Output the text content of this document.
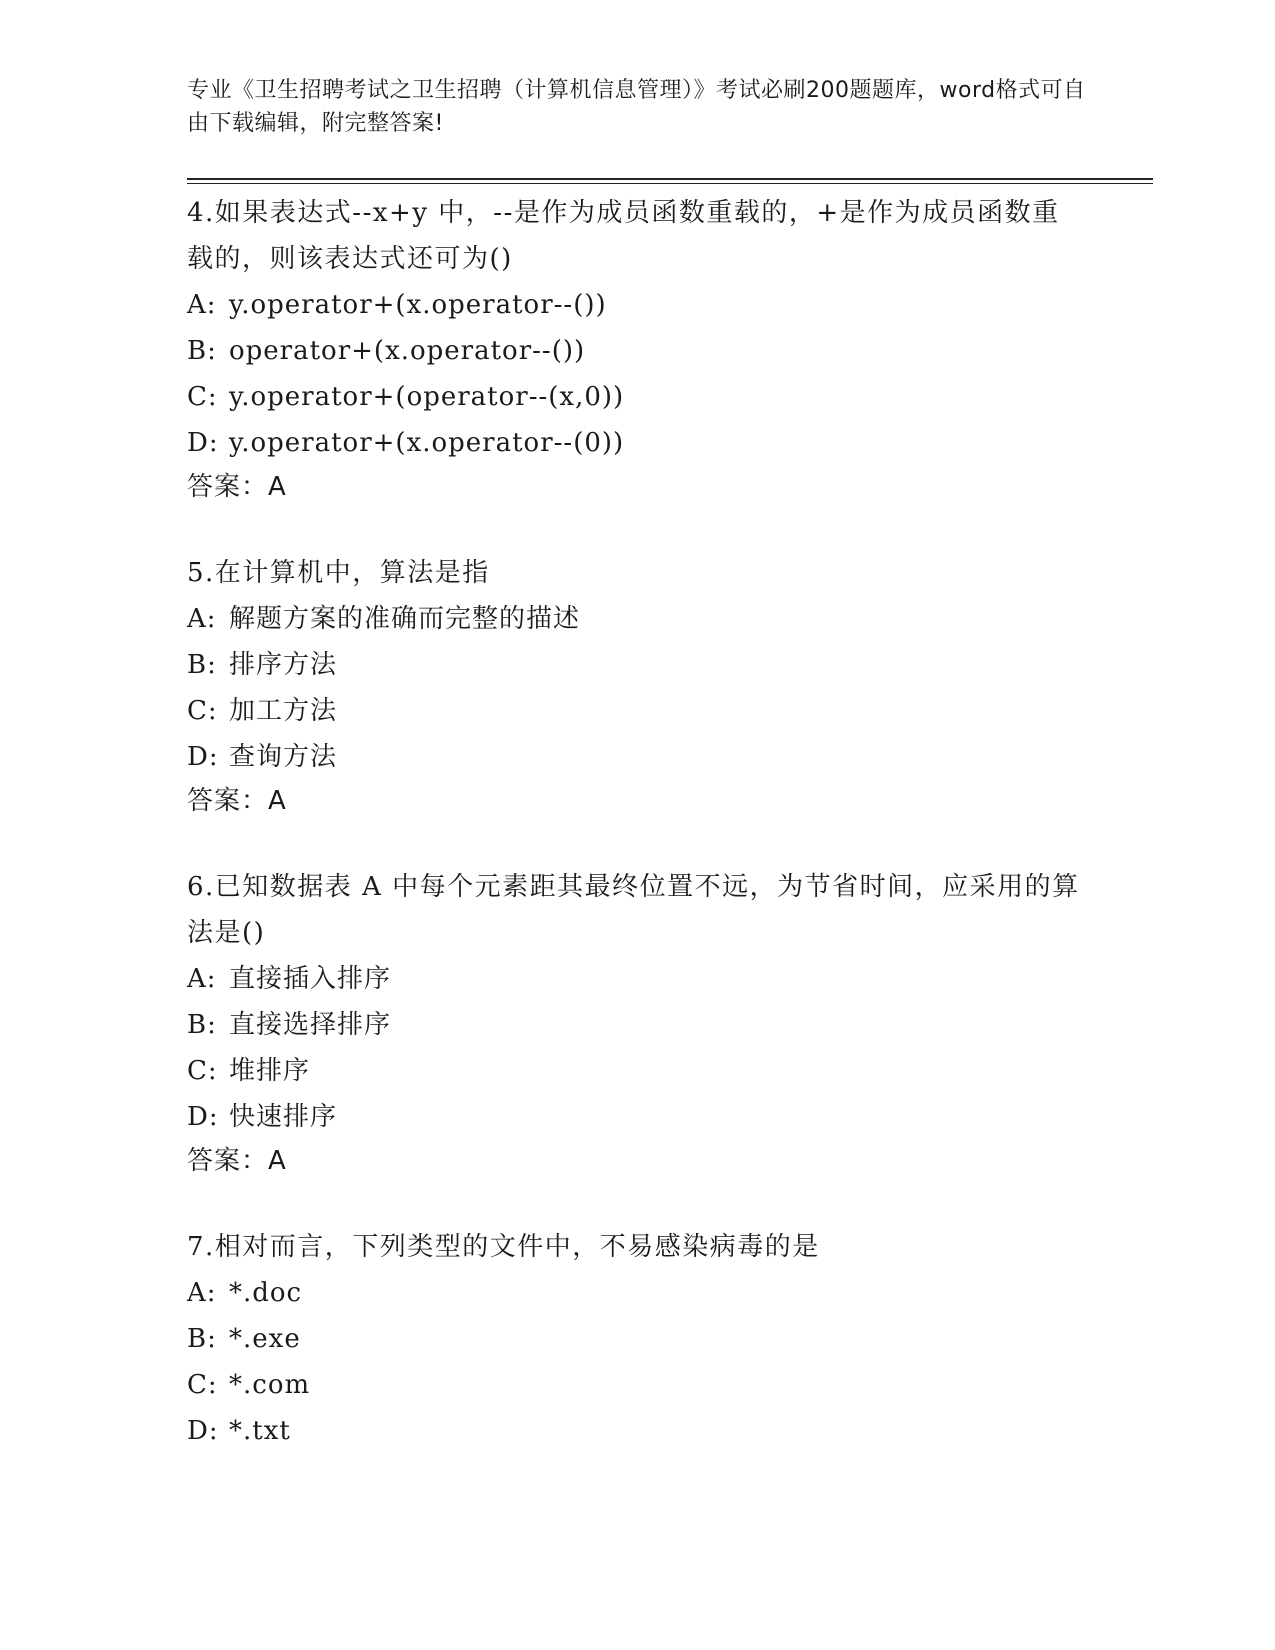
专业《卫生招聘考试之卫生招聘（计算机信息管理）》考试必刷200题题库，word格式可自由下载编辑，附完整答案!

4.如果表达式--x+y 中，--是作为成员函数重载的，+是作为成员函数重载的，则该表达式还可为()

A: y.operator+(x.operator--())

B: operator+(x.operator--())

C: y.operator+(operator--(x,0))

D: y.operator+(x.operator--(0))

答案：A

5.在计算机中，算法是指

A: 解题方案的准确而完整的描述

B: 排序方法

C: 加工方法

D: 查询方法

答案：A

6.已知数据表 A 中每个元素距其最终位置不远，为节省时间，应采用的算法是()

A: 直接插入排序

B: 直接选择排序

C: 堆排序

D: 快速排序

答案：A

7.相对而言，下列类型的文件中，不易感染病毒的是

A: *.doc

B: *.exe

C: *.com

D: *.txt
